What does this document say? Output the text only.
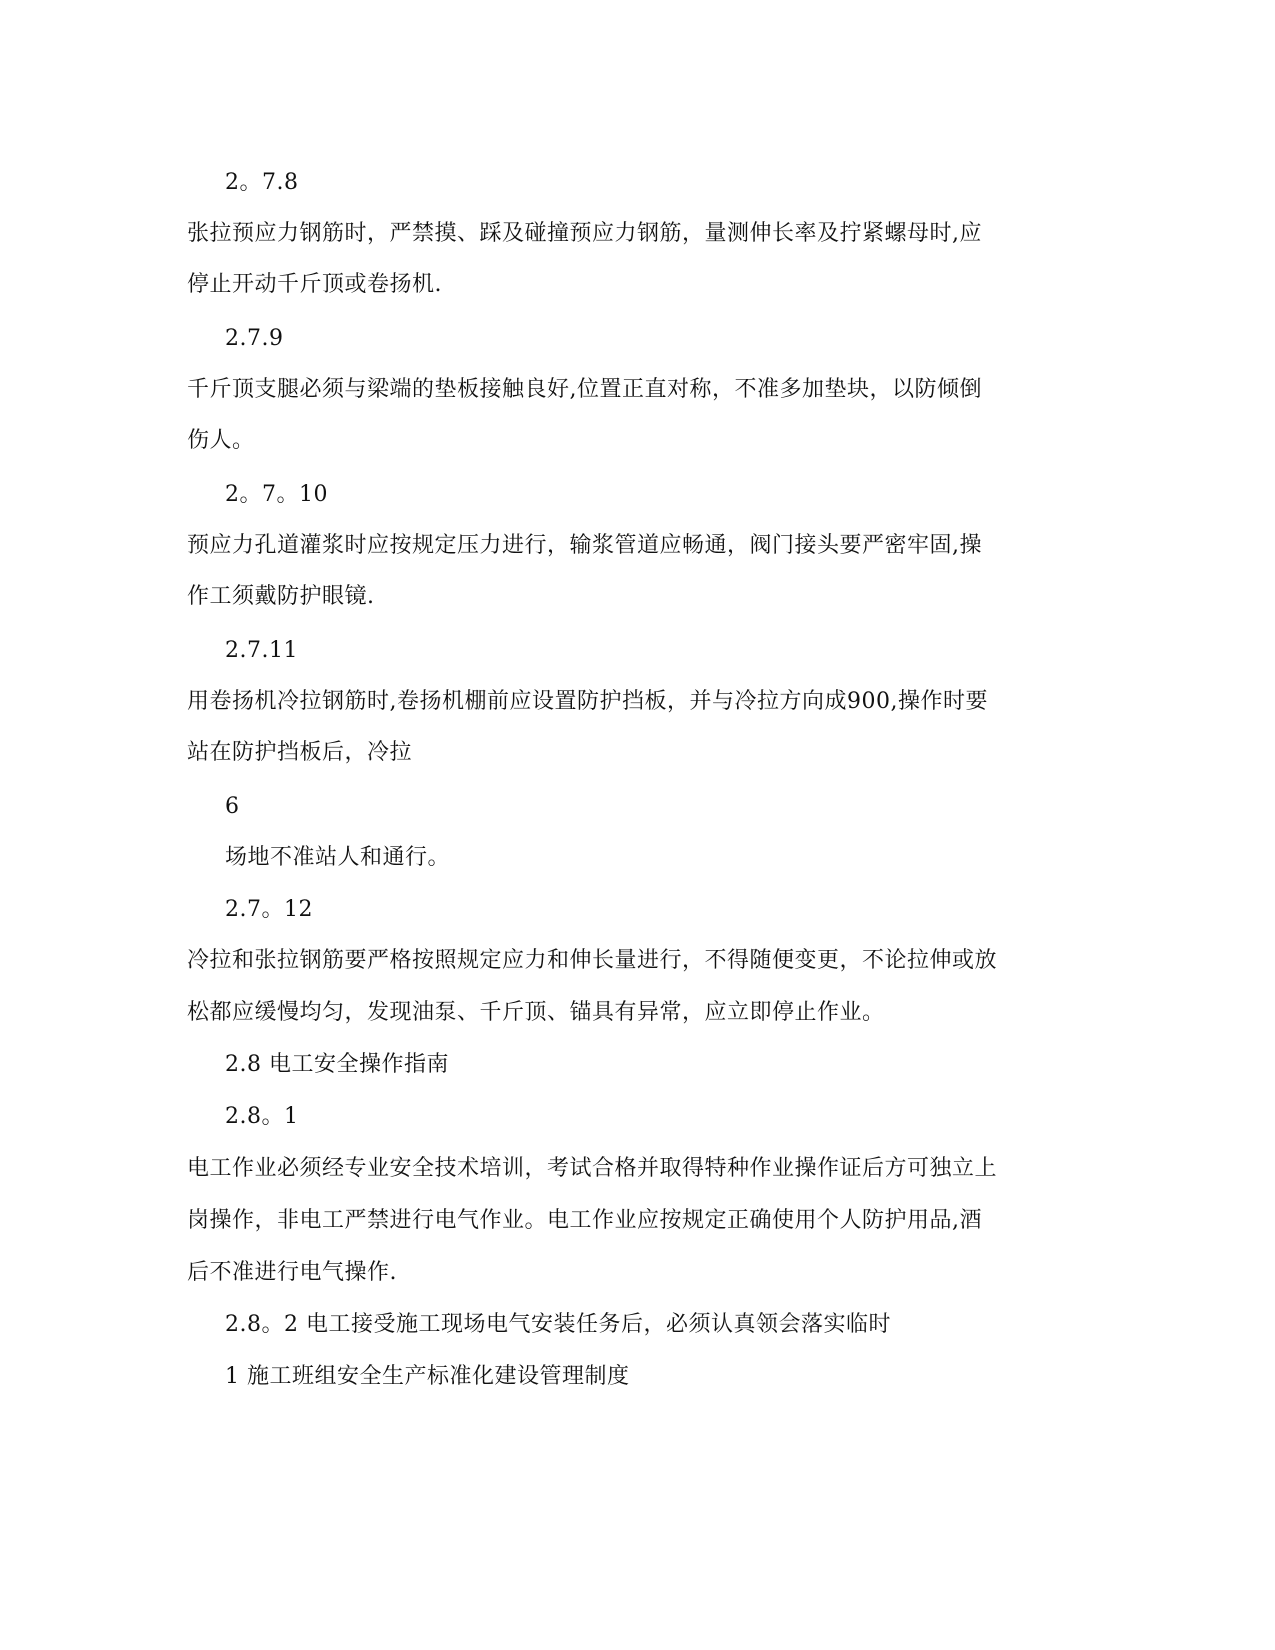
2。7.8
张拉预应力钢筋时，严禁摸、踩及碰撞预应力钢筋，量测伸长率及拧紧螺母时,应
停止开动千斤顶或卷扬机.
2.7.9
千斤顶支腿必须与梁端的垫板接触良好,位置正直对称，不准多加垫块，以防倾倒
伤人。
2。7。10
预应力孔道灌浆时应按规定压力进行，输浆管道应畅通，阀门接头要严密牢固,操
作工须戴防护眼镜.
2.7.11
用卷扬机冷拉钢筋时,卷扬机棚前应设置防护挡板，并与冷拉方向成900,操作时要
站在防护挡板后，冷拉
6
场地不准站人和通行。
2.7。12
冷拉和张拉钢筋要严格按照规定应力和伸长量进行，不得随便变更，不论拉伸或放
松都应缓慢均匀，发现油泵、千斤顶、锚具有异常，应立即停止作业。
2.8 电工安全操作指南
2.8。1
电工作业必须经专业安全技术培训，考试合格并取得特种作业操作证后方可独立上
岗操作，非电工严禁进行电气作业。电工作业应按规定正确使用个人防护用品,酒
后不准进行电气操作.
2.8。2 电工接受施工现场电气安装任务后，必须认真领会落实临时
1 施工班组安全生产标准化建设管理制度
